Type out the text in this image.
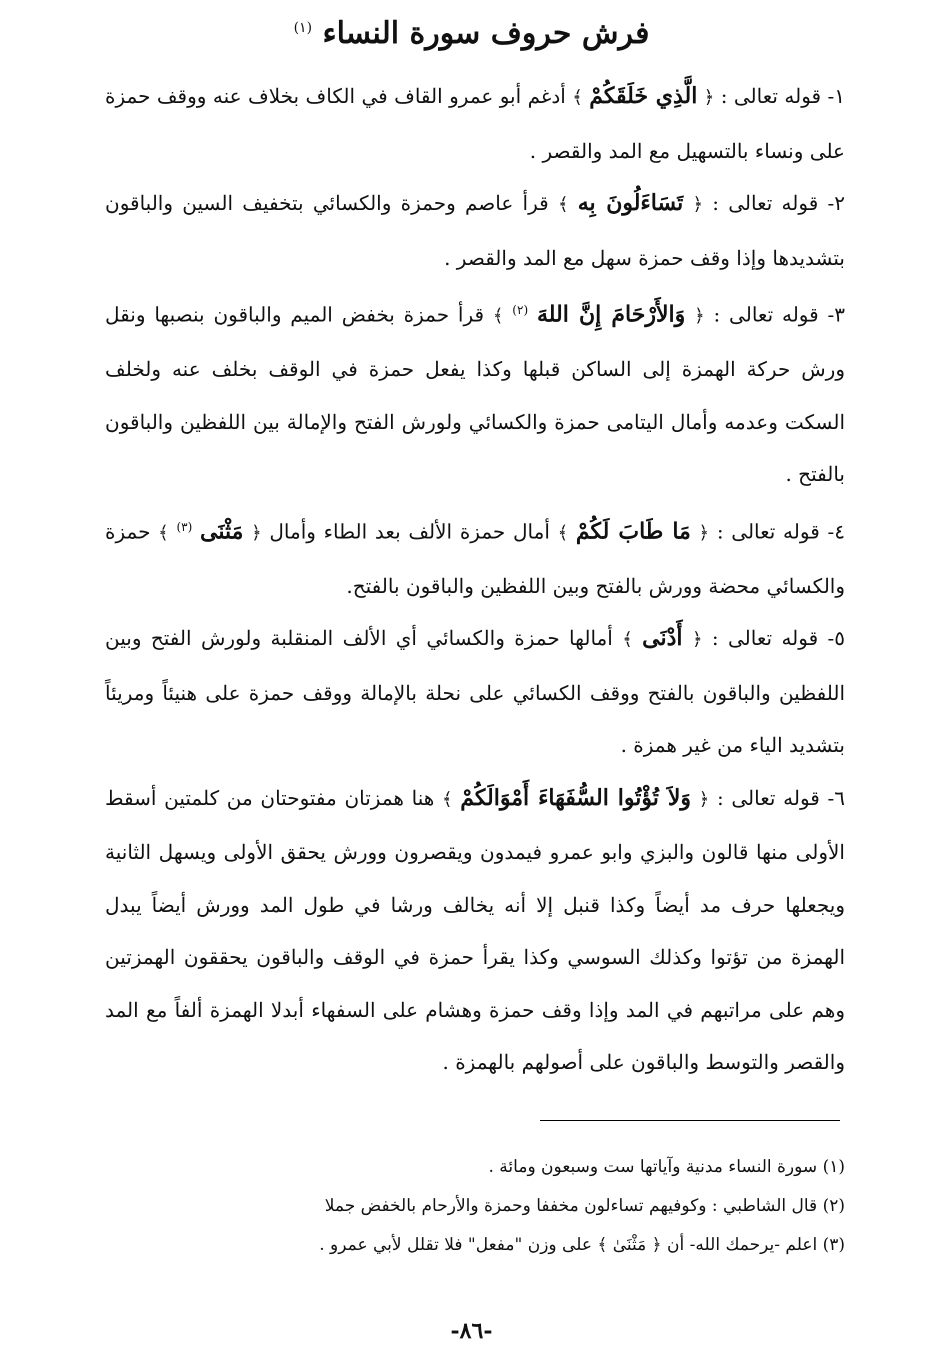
فرش حروف سورة النساء $^{(١)}$

١- قوله تعالى : ﴿ الَّذِي خَلَقَكُمْ ﴾ أدغم أبو عمرو القاف في الكاف بخلاف عنه ووقف حمزة على ونساء بالتسهيل مع المد والقصر .

٢- قوله تعالى : ﴿ تَسَاءَلُونَ بِه ﴾ قرأ عاصم وحمزة والكسائي بتخفيف السين والباقون بتشديدها وإذا وقف حمزة سهل مع المد والقصر .

٣- قوله تعالى : ﴿ وَالأَرْحَامَ إِنَّ اللهَ $^{(٢)}$ ﴾ قرأ حمزة بخفض الميم والباقون بنصبها ونقل ورش حركة الهمزة إلى الساكن قبلها وكذا يفعل حمزة في الوقف بخلف عنه ولخلف السكت وعدمه وأمال اليتامى حمزة والكسائي ولورش الفتح والإمالة بين اللفظين والباقون بالفتح .

٤- قوله تعالى : ﴿ مَا طَابَ لَكُمْ ﴾ أمال حمزة الألف بعد الطاء وأمال ﴿ مَثْنَى $^{(٣)}$ ﴾ حمزة والكسائي محضة وورش بالفتح وبين اللفظين والباقون بالفتح.

٥- قوله تعالى : ﴿ أَدْنَى ﴾ أمالها حمزة والكسائي أي الألف المنقلبة ولورش الفتح وبين اللفظين والباقون بالفتح ووقف الكسائي على نحلة بالإمالة ووقف حمزة على هنيئاً ومريئاً بتشديد الياء من غير همزة .

٦- قوله تعالى : ﴿ وَلاَ تُؤْتُوا السُّفَهَاءَ أَمْوَالَكُمْ ﴾ هنا همزتان مفتوحتان من كلمتين أسقط الأولى منها قالون والبزي وابو عمرو فيمدون ويقصرون وورش يحقق الأولى ويسهل الثانية ويجعلها حرف مد أيضاً وكذا قنبل إلا أنه يخالف ورشا في طول المد وورش أيضاً يبدل الهمزة من تؤتوا وكذلك السوسي وكذا يقرأ حمزة في الوقف والباقون يحققون الهمزتين وهم على مراتبهم في المد وإذا وقف حمزة وهشام على السفهاء أبدلا الهمزة ألفاً مع المد والقصر والتوسط والباقون على أصولهم بالهمزة .

(١) سورة النساء مدنية وآياتها ست وسبعون ومائة .

(٢) قال الشاطبي : وكوفيهم تساءلون مخففا وحمزة والأرحام بالخفض جملا

(٣) اعلم -يرحمك الله- أن ﴿ مَثْنَىٰ ﴾ على وزن "مفعل" فلا تقلل لأبي عمرو .

-٨٦-
